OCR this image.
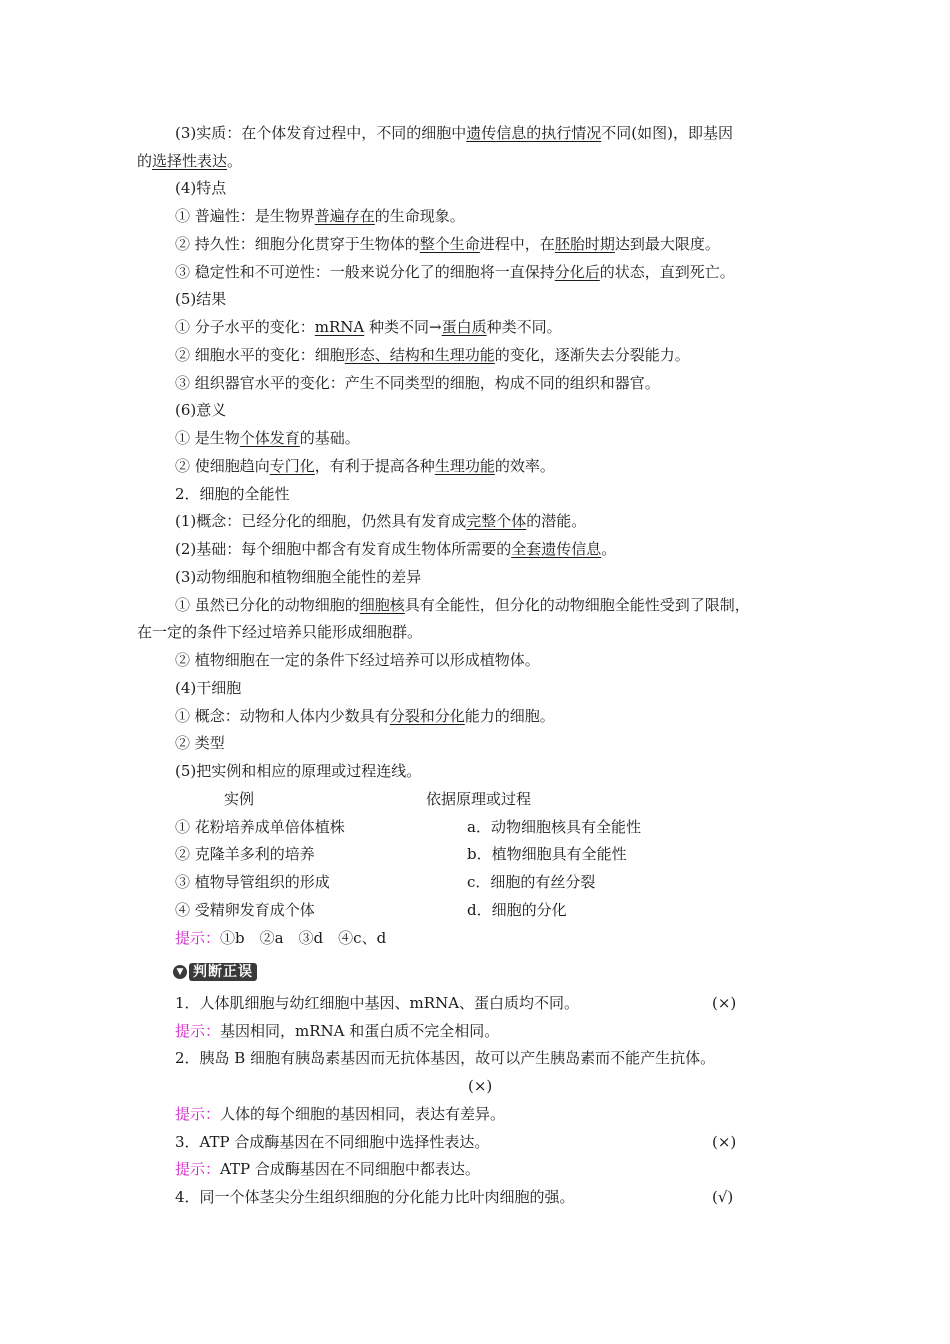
(3)实质：在个体发育过程中，不同的细胞中遗传信息的执行情况不同(如图)，即基因
的选择性表达。
(4)特点
① 普遍性：是生物界普遍存在的生命现象。
② 持久性：细胞分化贯穿于生物体的整个生命进程中，在胚胎时期达到最大限度。
③ 稳定性和不可逆性：一般来说分化了的细胞将一直保持分化后的状态，直到死亡。
(5)结果
① 分子水平的变化：mRNA 种类不同→蛋白质种类不同。
② 细胞水平的变化：细胞形态、结构和生理功能的变化，逐渐失去分裂能力。
③ 组织器官水平的变化：产生不同类型的细胞，构成不同的组织和器官。
(6)意义
① 是生物个体发育的基础。
② 使细胞趋向专门化，有利于提高各种生理功能的效率。
2．细胞的全能性
(1)概念：已经分化的细胞，仍然具有发育成完整个体的潜能。
(2)基础：每个细胞中都含有发育成生物体所需要的全套遗传信息。
(3)动物细胞和植物细胞全能性的差异
① 虽然已分化的动物细胞的细胞核具有全能性，但分化的动物细胞全能性受到了限制，
在一定的条件下经过培养只能形成细胞群。
② 植物细胞在一定的条件下经过培养可以形成植物体。
(4)干细胞
① 概念：动物和人体内少数具有分裂和分化能力的细胞。
② 类型
(5)把实例和相应的原理或过程连线。
实例	依据原理或过程
① 花粉培养成单倍体植株	a．动物细胞核具有全能性
② 克隆羊多利的培养	b．植物细胞具有全能性
③ 植物导管组织的形成	c．细胞的有丝分裂
④ 受精卵发育成个体	d．细胞的分化
提示：①b　②a　③d　④c、d
▼ 判断正误
1．人体肌细胞与幼红细胞中基因、mRNA、蛋白质均不同。	(×)
提示：基因相同，mRNA 和蛋白质不完全相同。
2．胰岛 B 细胞有胰岛素基因而无抗体基因，故可以产生胰岛素而不能产生抗体。
(×)
提示：人体的每个细胞的基因相同，表达有差异。
3．ATP 合成酶基因在不同细胞中选择性表达。	(×)
提示：ATP 合成酶基因在不同细胞中都表达。
4．同一个体茎尖分生组织细胞的分化能力比叶肉细胞的强。	(√)
